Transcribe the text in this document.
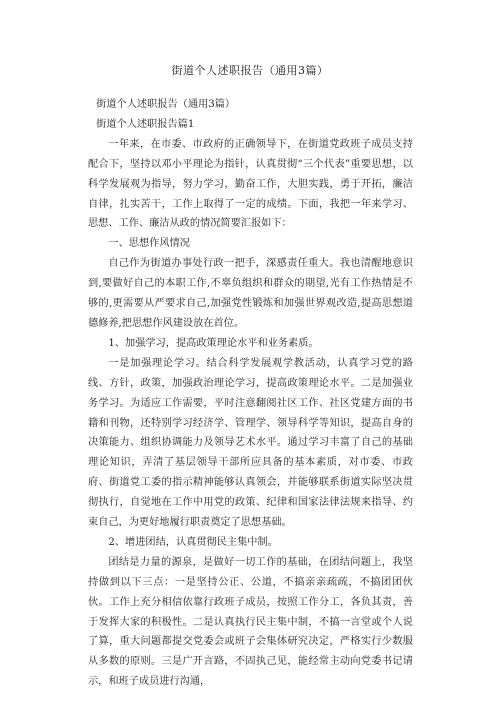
街道个人述职报告（通用3篇）

街道个人述职报告（通用3篇）

街道个人述职报告篇1

一年来，在市委、市政府的正确领导下，在街道党政班子成员支持配合下，坚持以邓小平理论为指针，认真贯彻“三个代表”重要思想，以科学发展观为指导，努力学习，勤奋工作，大胆实践，勇于开拓，廉洁自律，扎实苦干，工作上取得了一定的成绩。下面，我把一年来学习、思想、工作、廉洁从政的情况简要汇报如下：

一、思想作风情况

自己作为街道办事处行政一把手，深感责任重大。我也清醒地意识到,要做好自己的本职工作,不辜负组织和群众的期望,光有工作热情是不够的,更需要从严要求自己,加强党性锻炼和加强世界观改造,提高思想道德修养,把思想作风建设放在首位。

1、加强学习，提高政策理论水平和业务素质。

一是加强理论学习。结合科学发展观学教活动，认真学习党的路线、方针，政策，加强政治理论学习，提高政策理论水平。二是加强业务学习。为适应工作需要，平时注意翻阅社区工作、社区党建方面的书籍和刊物，还特别学习经济学、管理学、领导科学等知识，提高自身的决策能力、组织协调能力及领导艺术水平。通过学习丰富了自己的基础理论知识，弄清了基层领导干部所应具备的基本素质，对市委、市政府、街道党工委的指示精神能够认真领会，并能够联系街道实际坚决贯彻执行，自觉地在工作中用党的政策、纪律和国家法律法规来指导、约束自己，为更好地履行职责奠定了思想基础。

2、增进团结，认真贯彻民主集中制。

团结是力量的源泉，是做好一切工作的基础，在团结问题上，我坚持做到以下三点：一是坚持公正、公道，不搞亲亲疏疏，不搞团团伙伙。工作上充分相信依靠行政班子成员，按照工作分工，各负其责，善于发挥大家的积极性。二是认真执行民主集中制，不搞一言堂或个人说了算，重大问题都提交党委会或班子会集体研究决定，严格实行少数服从多数的原则。三是广开言路，不固执己见，能经常主动向党委书记请示，和班子成员进行沟通，
